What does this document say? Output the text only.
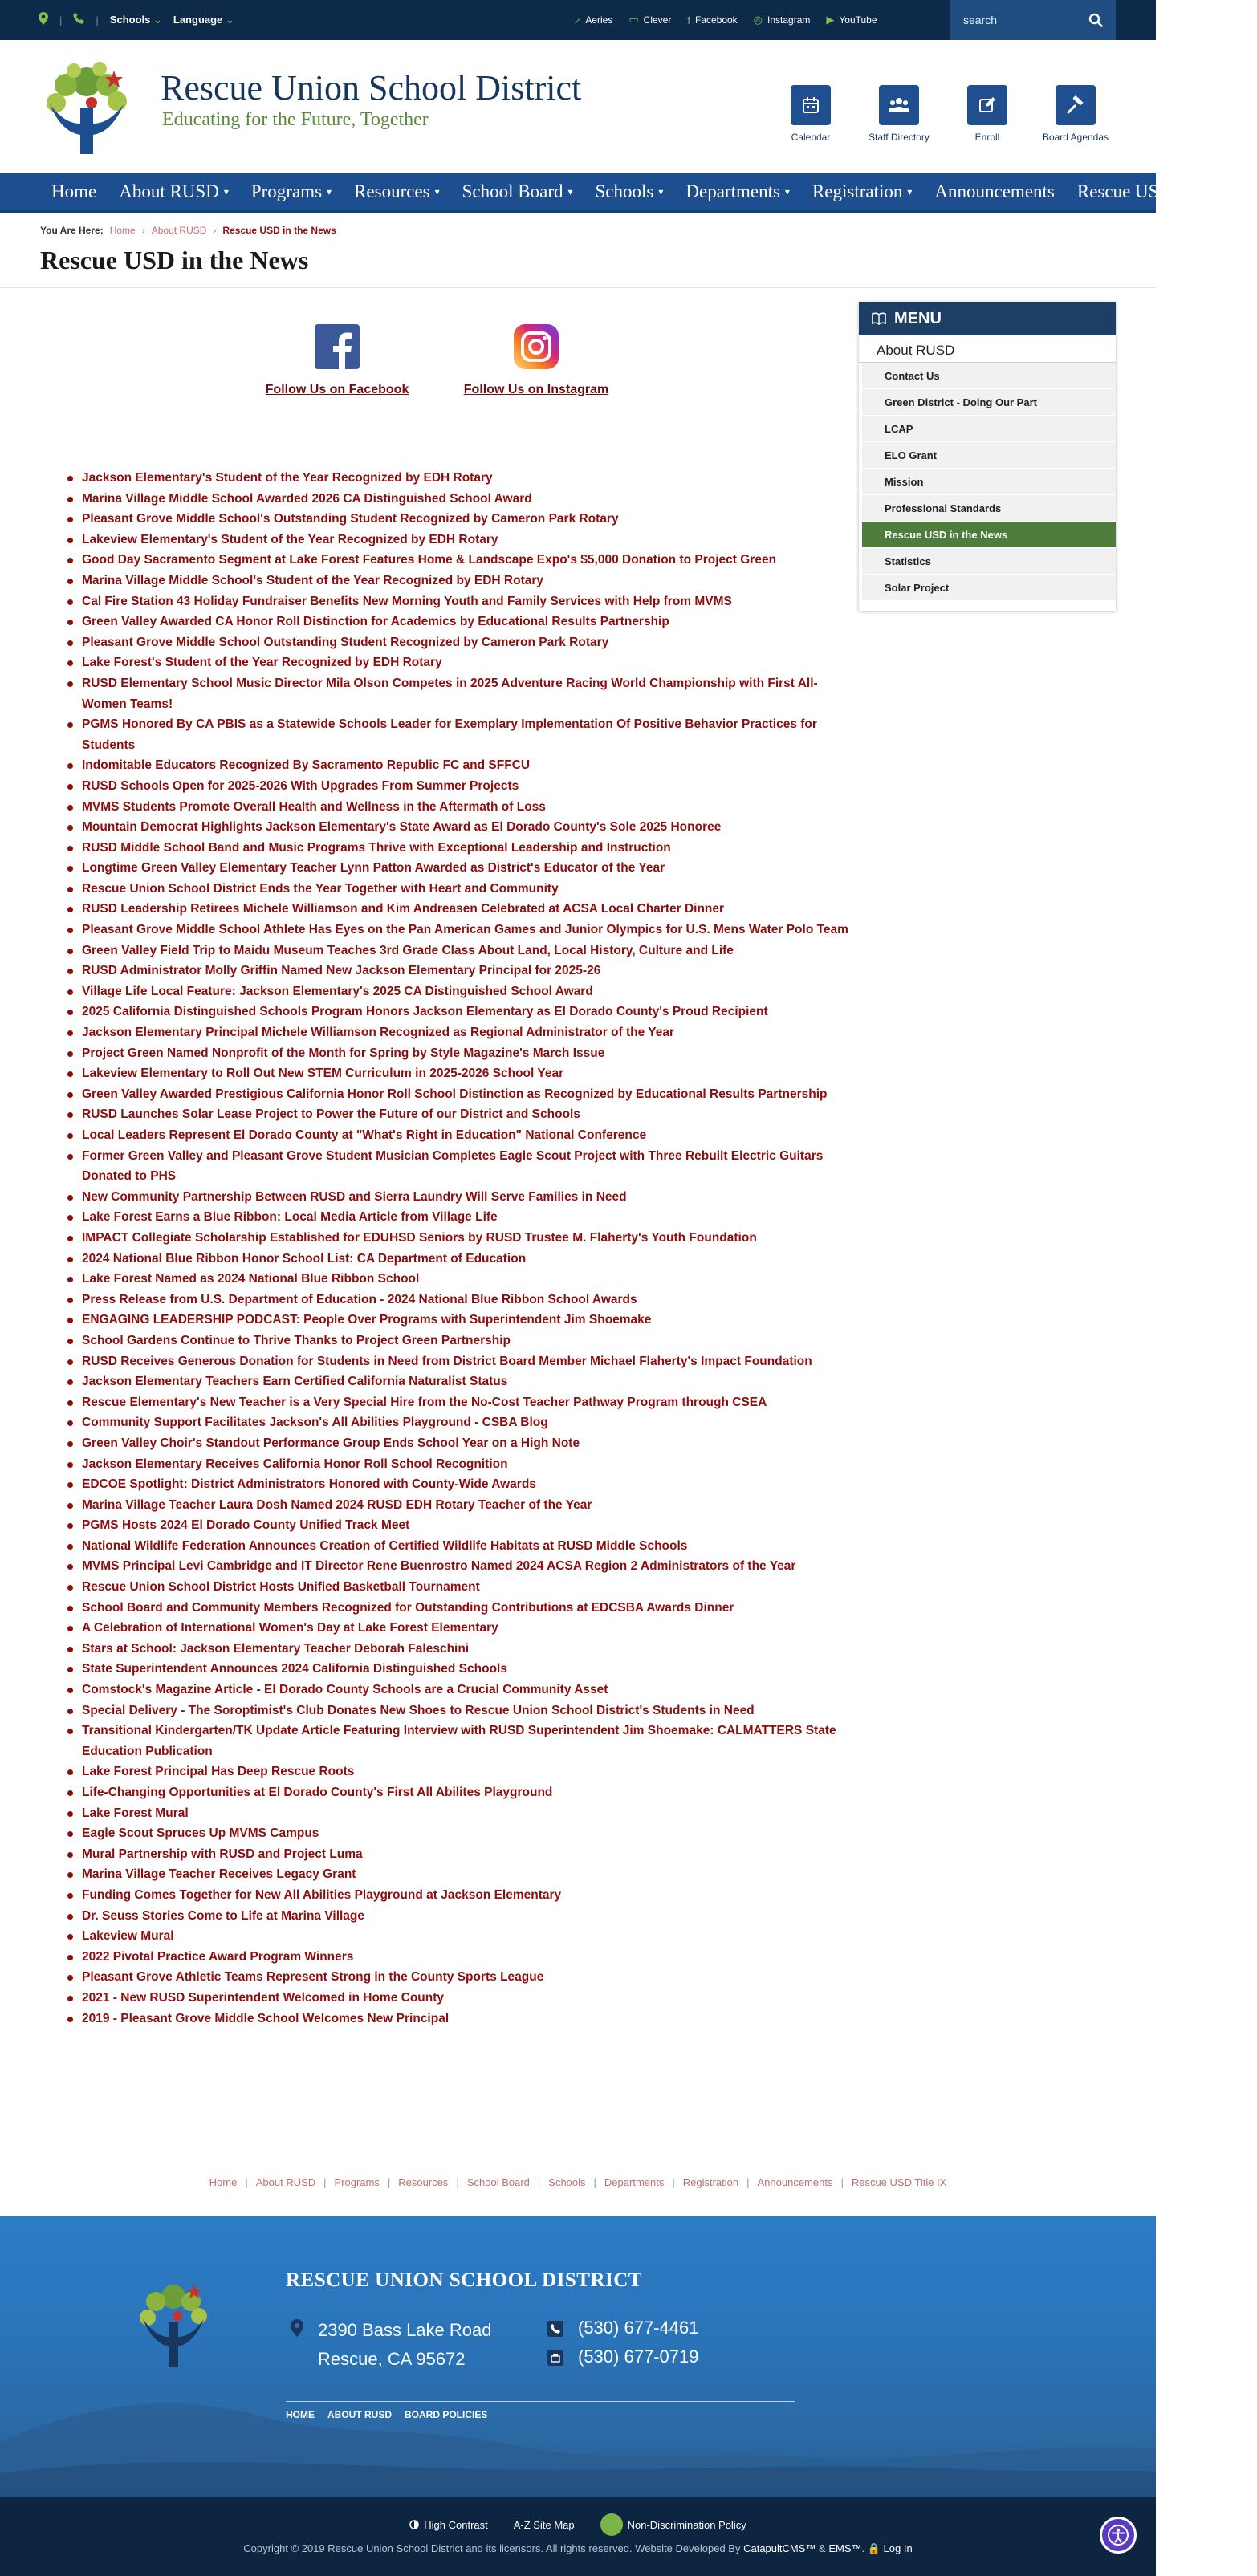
|	| Schools ⌄ Language ⌄	⩘ Aeries ▭ Clever f Facebook ◎ Instagram ▶ YouTube
search
Rescue Union School District
Educating for the Future, Together
Calendar	Staff Directory	Enroll	Board Agendas
Home About RUSD ▾ Programs ▾ Resources ▾ School Board ▾ Schools ▾ Departments ▾ Registration ▾ Announcements Rescue USD Title IX
You Are Here: Home › About RUSD › Rescue USD in the News
Rescue USD in the News
Follow Us on Facebook	Follow Us on Instagram
Jackson Elementary's Student of the Year Recognized by EDH Rotary
Marina Village Middle School Awarded 2026 CA Distinguished School Award
Pleasant Grove Middle School's Outstanding Student Recognized by Cameron Park Rotary
Lakeview Elementary's Student of the Year Recognized by EDH Rotary
Good Day Sacramento Segment at Lake Forest Features Home & Landscape Expo's $5,000 Donation to Project Green
Marina Village Middle School's Student of the Year Recognized by EDH Rotary
Cal Fire Station 43 Holiday Fundraiser Benefits New Morning Youth and Family Services with Help from MVMS
Green Valley Awarded CA Honor Roll Distinction for Academics by Educational Results Partnership
Pleasant Grove Middle School Outstanding Student Recognized by Cameron Park Rotary
Lake Forest's Student of the Year Recognized by EDH Rotary
RUSD Elementary School Music Director Mila Olson Competes in 2025 Adventure Racing World Championship with First All-Women Teams!
PGMS Honored By CA PBIS as a Statewide Schools Leader for Exemplary Implementation Of Positive Behavior Practices for Students
Indomitable Educators Recognized By Sacramento Republic FC and SFFCU
RUSD Schools Open for 2025-2026 With Upgrades From Summer Projects
MVMS Students Promote Overall Health and Wellness in the Aftermath of Loss
Mountain Democrat Highlights Jackson Elementary's State Award as El Dorado County's Sole 2025 Honoree
RUSD Middle School Band and Music Programs Thrive with Exceptional Leadership and Instruction
Longtime Green Valley Elementary Teacher Lynn Patton Awarded as District's Educator of the Year
Rescue Union School District Ends the Year Together with Heart and Community
RUSD Leadership Retirees Michele Williamson and Kim Andreasen Celebrated at ACSA Local Charter Dinner
Pleasant Grove Middle School Athlete Has Eyes on the Pan American Games and Junior Olympics for U.S. Mens Water Polo Team
Green Valley Field Trip to Maidu Museum Teaches 3rd Grade Class About Land, Local History, Culture and Life
RUSD Administrator Molly Griffin Named New Jackson Elementary Principal for 2025-26
Village Life Local Feature: Jackson Elementary's 2025 CA Distinguished School Award
2025 California Distinguished Schools Program Honors Jackson Elementary as El Dorado County's Proud Recipient
Jackson Elementary Principal Michele Williamson Recognized as Regional Administrator of the Year
Project Green Named Nonprofit of the Month for Spring by Style Magazine's March Issue
Lakeview Elementary to Roll Out New STEM Curriculum in 2025-2026 School Year
Green Valley Awarded Prestigious California Honor Roll School Distinction as Recognized by Educational Results Partnership
RUSD Launches Solar Lease Project to Power the Future of our District and Schools
Local Leaders Represent El Dorado County at "What's Right in Education" National Conference
Former Green Valley and Pleasant Grove Student Musician Completes Eagle Scout Project with Three Rebuilt Electric Guitars Donated to PHS
New Community Partnership Between RUSD and Sierra Laundry Will Serve Families in Need
Lake Forest Earns a Blue Ribbon: Local Media Article from Village Life
IMPACT Collegiate Scholarship Established for EDUHSD Seniors by RUSD Trustee M. Flaherty's Youth Foundation
2024 National Blue Ribbon Honor School List: CA Department of Education
Lake Forest Named as 2024 National Blue Ribbon School
Press Release from U.S. Department of Education - 2024 National Blue Ribbon School Awards
ENGAGING LEADERSHIP PODCAST: People Over Programs with Superintendent Jim Shoemake
School Gardens Continue to Thrive Thanks to Project Green Partnership
RUSD Receives Generous Donation for Students in Need from District Board Member Michael Flaherty's Impact Foundation
Jackson Elementary Teachers Earn Certified California Naturalist Status
Rescue Elementary's New Teacher is a Very Special Hire from the No-Cost Teacher Pathway Program through CSEA
Community Support Facilitates Jackson's All Abilities Playground - CSBA Blog
Green Valley Choir's Standout Performance Group Ends School Year on a High Note
Jackson Elementary Receives California Honor Roll School Recognition
EDCOE Spotlight: District Administrators Honored with County-Wide Awards
Marina Village Teacher Laura Dosh Named 2024 RUSD EDH Rotary Teacher of the Year
PGMS Hosts 2024 El Dorado County Unified Track Meet
National Wildlife Federation Announces Creation of Certified Wildlife Habitats at RUSD Middle Schools
MVMS Principal Levi Cambridge and IT Director Rene Buenrostro Named 2024 ACSA Region 2 Administrators of the Year
Rescue Union School District Hosts Unified Basketball Tournament
School Board and Community Members Recognized for Outstanding Contributions at EDCSBA Awards Dinner
A Celebration of International Women's Day at Lake Forest Elementary
Stars at School: Jackson Elementary Teacher Deborah Faleschini
State Superintendent Announces 2024 California Distinguished Schools
Comstock's Magazine Article - El Dorado County Schools are a Crucial Community Asset
Special Delivery - The Soroptimist's Club Donates New Shoes to Rescue Union School District's Students in Need
Transitional Kindergarten/TK Update Article Featuring Interview with RUSD Superintendent Jim Shoemake: CALMATTERS State Education Publication
Lake Forest Principal Has Deep Rescue Roots
Life-Changing Opportunities at El Dorado County's First All Abilites Playground
Lake Forest Mural
Eagle Scout Spruces Up MVMS Campus
Mural Partnership with RUSD and Project Luma
Marina Village Teacher Receives Legacy Grant
Funding Comes Together for New All Abilities Playground at Jackson Elementary
Dr. Seuss Stories Come to Life at Marina Village
Lakeview Mural
2022 Pivotal Practice Award Program Winners
Pleasant Grove Athletic Teams Represent Strong in the County Sports League
2021 - New RUSD Superintendent Welcomed in Home County
2019 - Pleasant Grove Middle School Welcomes New Principal
MENU
About RUSD
Contact Us
Green District - Doing Our Part
LCAP
ELO Grant
Mission
Professional Standards
Rescue USD in the News
Statistics
Solar Project
Home | About RUSD | Programs | Resources | School Board | Schools | Departments | Registration | Announcements | Rescue USD Title IX
RESCUE UNION SCHOOL DISTRICT
2390 Bass Lake Road
Rescue, CA 95672
(530) 677-4461
(530) 677-0719
HOME ABOUT RUSD BOARD POLICIES
High Contrast A-Z Site Map	Non-Discrimination Policy
Copyright © 2019 Rescue Union School District and its licensors. All rights reserved. Website Developed By CatapultCMS™ & EMS™. 🔒 Log In
